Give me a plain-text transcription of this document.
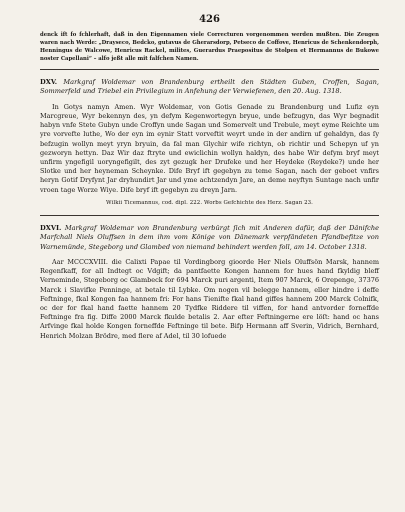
426

denck ift fo fchlerhaft, daß in den Eigennamen viele Correcturen vorgenommen werden mußten. Die Zeugen waren nach Werde: „Drayseco, Bedcko, gutavus de Gherarsdorp, Petseco de Coffove, Henricus de Schenkendorph, Henningus de Walcowe, Henricus Rackel, milites, Guerardus Praepositus de Stolpen et Hermannus de Bukowe noster Capellani“ – alfo jeßt alle mit falfchen Namen.

DXV. Markgraf Woldemar von Brandenburg ertheilt den Städten Guben, Croffen, Sagan, Sommerfeld und Triebel ein Privilegium in Anfehung der Verwiefenen, den 20. Aug. 1318.

In Gotys namyn Amen. Wyr Woldemar, von Gotis Genade zu Brandenburg und Lufiz eyn Marcgreue, Wyr bekennyn des, yn defym Kegenwortegyn bryue, unde befzugyn, das Wyr begnadit habyn vnfe Stete Gubyn unde Croffyn unde Sagan und Somervelt und Trebule, meyt eyme Reichte um yre vorvefte luthe, Wo der eyn im eynir Statt vorveftit weyrt unde in der andirn uf gehaldyn, das ſy befzugin wollyn meyt yryn bryuin, da fal man Glychir wife richtyn, ob richtir und Schepyn uf yn gezworyn hettyn. Daz Wir daz ftryte und ewiclichin wollyn haldyn, des habe Wir defym bryf meyt unfirm yngefigil uoryngefigilt, des zyt gezugk her Drufeke und her Heydeke (Reydeke?) unde her Slotke und her heyneman Scheynke. Dife Bryf ift gegebyn zu teme Sagan, nach der geboet vnfirs heryn Gotif Dryfynt Jar dryhundirt Jar und yme achtzendyn Jare, an deme neyftyn Suntage nach unfir vroen tage Worze Wiye. Dife bryf ift gegebyn zu dreyn Jarn.

Wilkii Ticemannus, cod. dipl. 222. Worbs Gefchichte des Herz. Sagan 23.
DXVI. Markgraf Woldemar von Brandenburg verbürgt ſich mit Anderen dafür, daß der Dänifche Marfchall Niels Oluffsen in dem ihm vom Könige von Dänemark verpfändeten Pfandbefitze von Warnemünde, Stegeborg und Glambed von niemand behindert werden foll, am 14. October 1318.

Aar MCCCXVIII. die Calixti Papae til Vordingborg gioorde Her Niels Oluffsön Marsk, hannem Regenfkaff, for all Indtegt oc Vdgift; da pantfaette Kongen hannem for hues hand fkyldig bleff Verneminde, Stegeborg oc Glambeck for 694 Marck puri argenti, Item 907 Marck, 6 Orepenge, 37376 Marck i Slavifke Penninge, at betale til Lybke. Om nogen vil belegge hannem, eller hindre i deffe Feftninge, fkal Kongen faa hannem fri: For hans Tienifte fkal hand giffes hannem 200 Marck Colnifk, oc der for fkal hand faette hannem 20 Tydfke Riddere til viffen, for hand antvorder forneffde Feftninge fra fig. Diffe 2000 Marck fkulde betalis 2. Aar efter Feftningerne ere löſt: hand oc hans Arfvinge fkal holde Kongen forneffde Feftninge til bete. Bifp Hermann aff Sverin, Vidrich, Bernhard, Henrich Molzan Brödre, med flere af Adel, til 30 lofuede
